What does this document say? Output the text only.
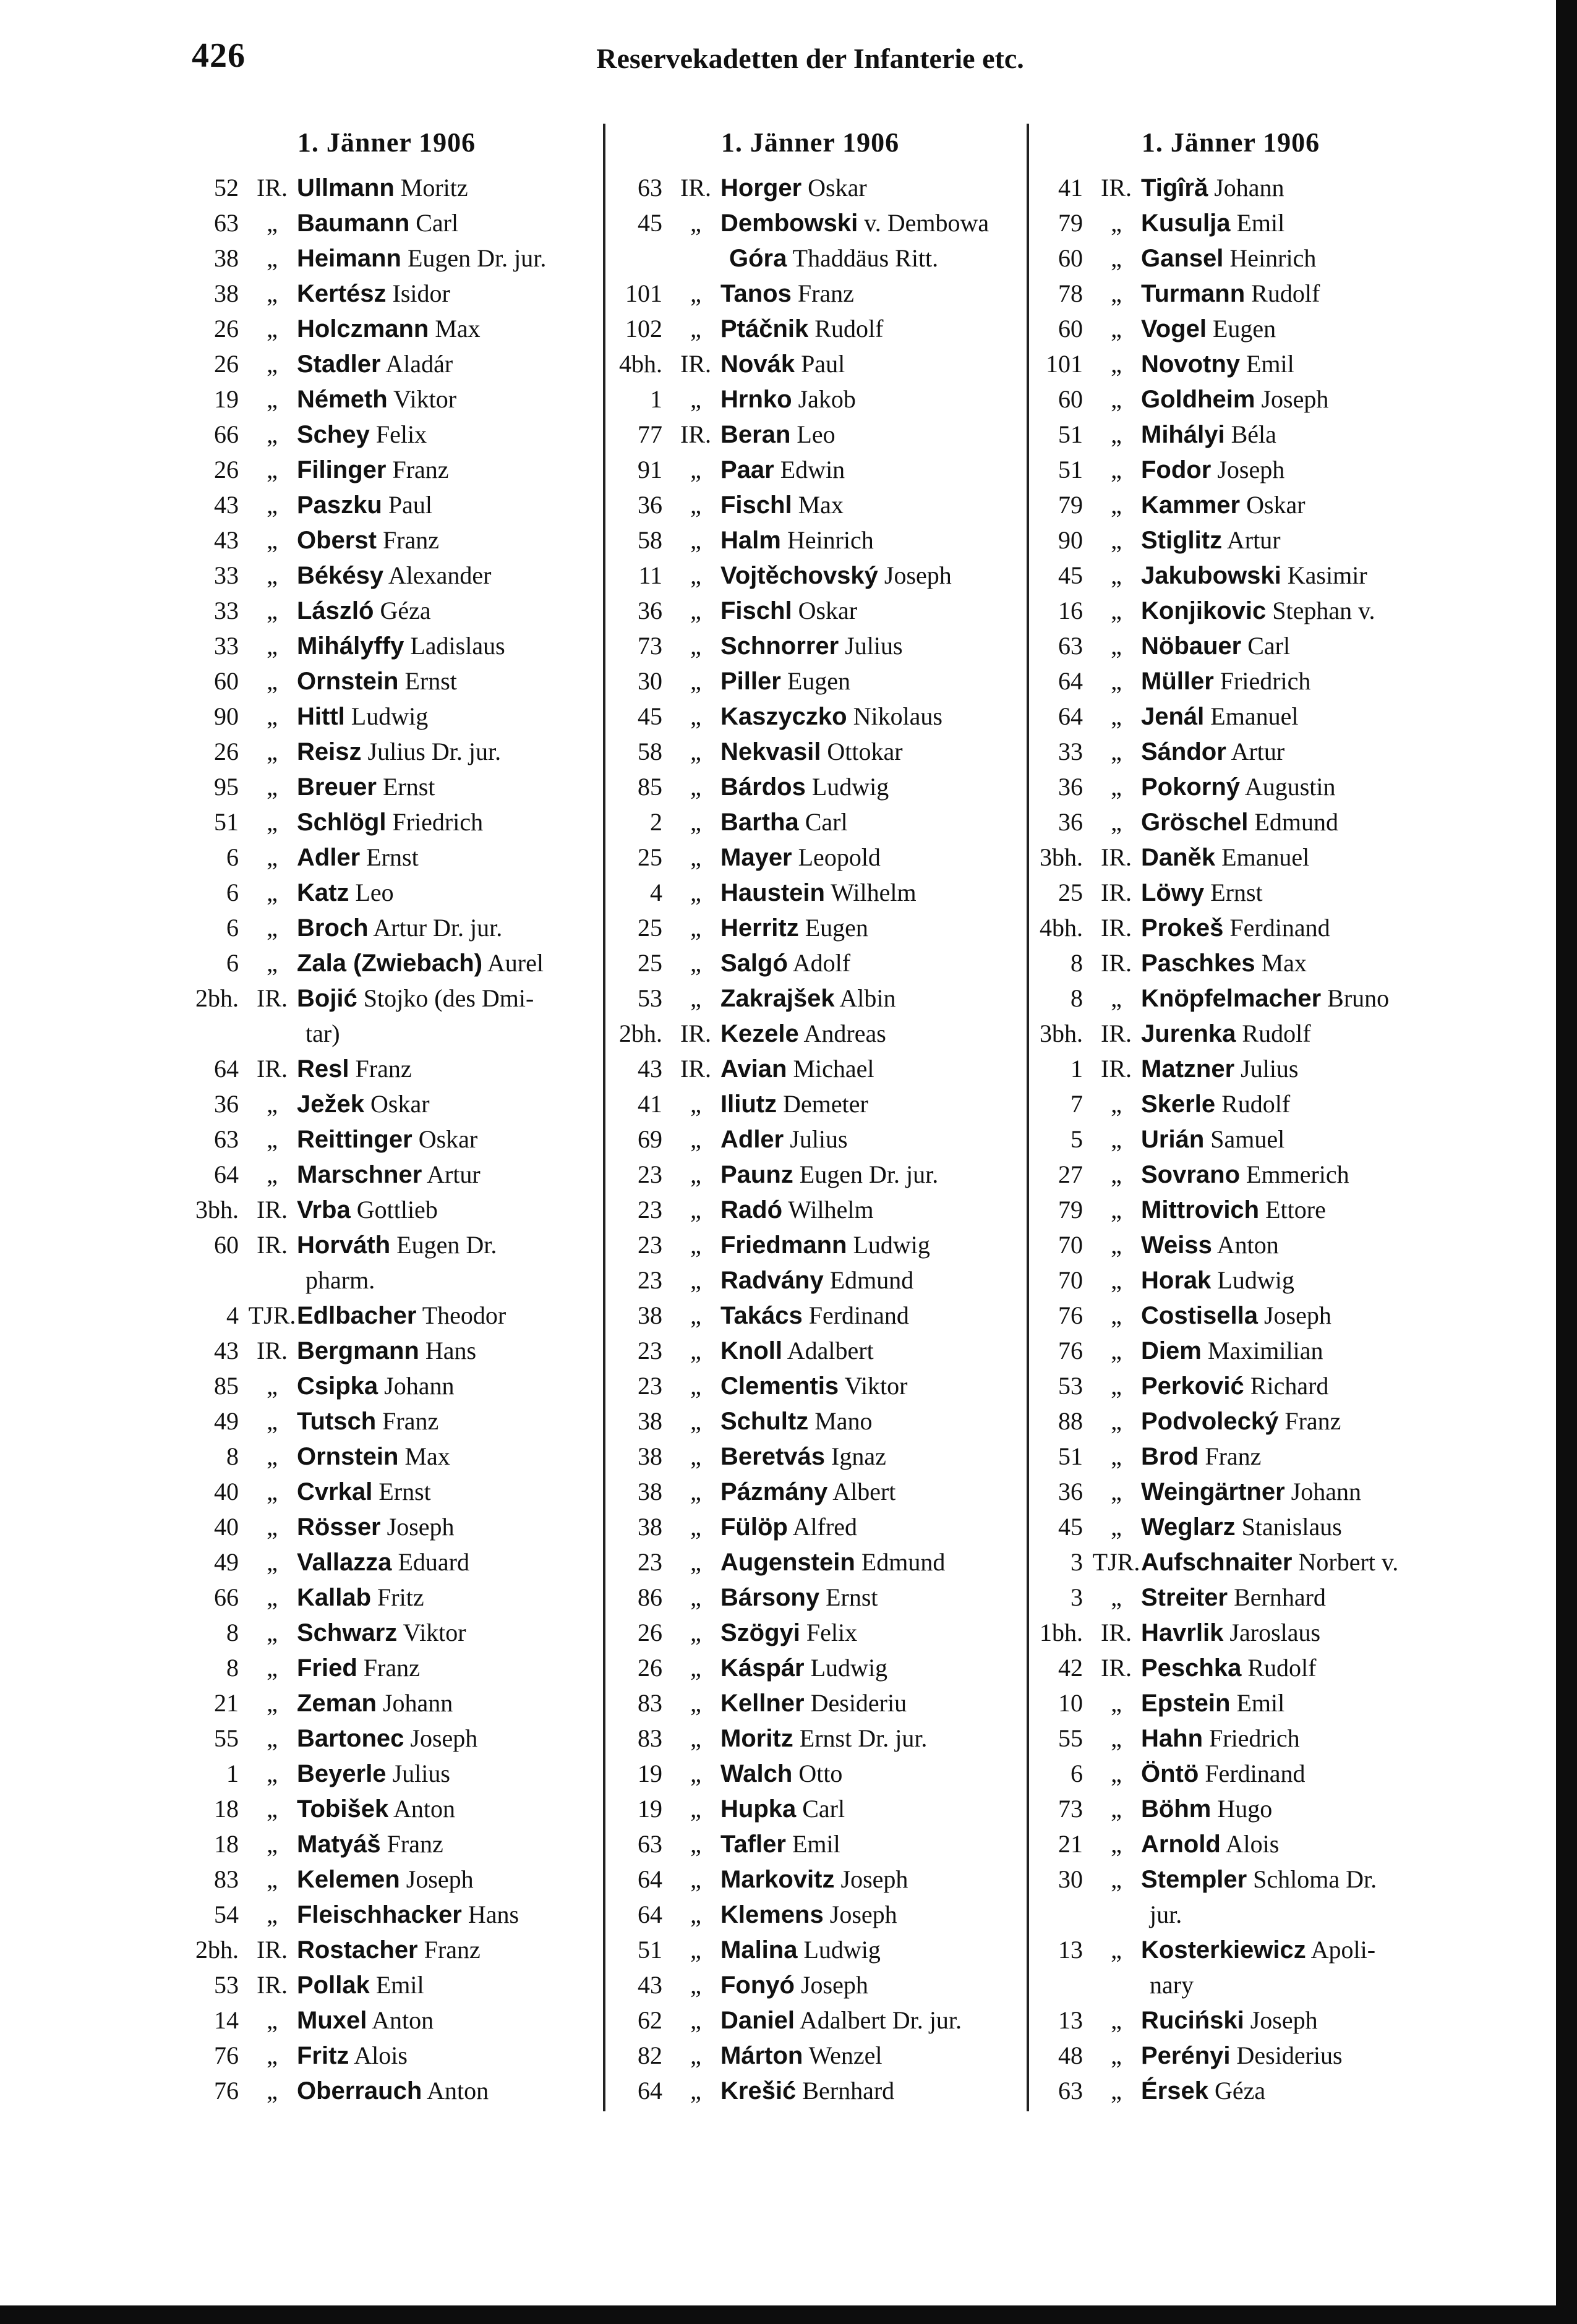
426	Reservekadetten der Infanterie etc.
1. Jänner 1906
52 IR. Ullmann Moritz
63	„ Baumann Carl
38	„ Heimann Eugen Dr. jur.
38	„ Kertész Isidor
26	„ Holczmann Max
26	„ Stadler Aladár
19	„ Németh Viktor
66	„ Schey Felix
26	„ Filinger Franz
43	„ Paszku Paul
43	„ Oberst Franz
33	„ Békésy Alexander
33	„ László Géza
33	„ Mihályffy Ladislaus
60	„ Ornstein Ernst
90	„ Hittl Ludwig
26	„ Reisz Julius Dr. jur.
95	„ Breuer Ernst
51	„ Schlögl Friedrich
6	„ Adler Ernst
6	„ Katz Leo
6	„ Broch Artur Dr. jur.
6	„ Zala (Zwiebach) Aurel
2bh. IR. Bojić Stojko (des Dmi-
tar)
64 IR. Resl Franz
36	„ Ježek Oskar
63	„ Reittinger Oskar
64	„ Marschner Artur
3bh. IR. Vrba Gottlieb
60 IR. Horváth Eugen Dr.
pharm.
4 TJR. Edlbacher Theodor
43 IR. Bergmann Hans
85	„ Csipka Johann
49	„ Tutsch Franz
8	„ Ornstein Max
40	„ Cvrkal Ernst
40	„ Rösser Joseph
49	„ Vallazza Eduard
66	„ Kallab Fritz
8	„ Schwarz Viktor
8	„ Fried Franz
21	„ Zeman Johann
55	„ Bartonec Joseph
1	„ Beyerle Julius
18	„ Tobišek Anton
18	„ Matyáš Franz
83	„ Kelemen Joseph
54	„ Fleischhacker Hans
2bh. IR. Rostacher Franz
53 IR. Pollak Emil
14	„ Muxel Anton
76	„ Fritz Alois
76	„ Oberrauch Anton
1. Jänner 1906
63 IR. Horger Oskar
45	„ Dembowski v. Dembowa
Góra Thaddäus Ritt.
101	„ Tanos Franz
102	„ Ptáčnik Rudolf
4bh. IR. Novák Paul
1	„ Hrnko Jakob
77 IR. Beran Leo
91	„ Paar Edwin
36	„ Fischl Max
58	„ Halm Heinrich
11	„ Vojtěchovský Joseph
36	„ Fischl Oskar
73	„ Schnorrer Julius
30	„ Piller Eugen
45	„ Kaszyczko Nikolaus
58	„ Nekvasil Ottokar
85	„ Bárdos Ludwig
2	„ Bartha Carl
25	„ Mayer Leopold
4	„ Haustein Wilhelm
25	„ Herritz Eugen
25	„ Salgó Adolf
53	„ Zakrajšek Albin
2bh. IR. Kezele Andreas
43 IR. Avian Michael
41	„ Iliutz Demeter
69	„ Adler Julius
23	„ Paunz Eugen Dr. jur.
23	„ Radó Wilhelm
23	„ Friedmann Ludwig
23	„ Radvány Edmund
38	„ Takács Ferdinand
23	„ Knoll Adalbert
23	„ Clementis Viktor
38	„ Schultz Mano
38	„ Beretvás Ignaz
38	„ Pázmány Albert
38	„ Fülöp Alfred
23	„ Augenstein Edmund
86	„ Bársony Ernst
26	„ Szögyi Felix
26	„ Káspár Ludwig
83	„ Kellner Desideriu
83	„ Moritz Ernst Dr. jur.
19	„ Walch Otto
19	„ Hupka Carl
63	„ Tafler Emil
64	„ Markovitz Joseph
64	„ Klemens Joseph
51	„ Malina Ludwig
43	„ Fonyó Joseph
62	„ Daniel Adalbert Dr. jur.
82	„ Márton Wenzel
64	„ Krešić Bernhard
1. Jänner 1906
41 IR. Tigîră Johann
79	„ Kusulja Emil
60	„ Gansel Heinrich
78	„ Turmann Rudolf
60	„ Vogel Eugen
101	„ Novotny Emil
60	„ Goldheim Joseph
51	„ Mihályi Béla
51	„ Fodor Joseph
79	„ Kammer Oskar
90	„ Stiglitz Artur
45	„ Jakubowski Kasimir
16	„ Konjikovic Stephan v.
63	„ Nöbauer Carl
64	„ Müller Friedrich
64	„ Jenál Emanuel
33	„ Sándor Artur
36	„ Pokorný Augustin
36	„ Gröschel Edmund
3bh. IR. Daněk Emanuel
25 IR. Löwy Ernst
4bh. IR. Prokeš Ferdinand
8 IR. Paschkes Max
8	„ Knöpfelmacher Bruno
3bh. IR. Jurenka Rudolf
1 IR. Matzner Julius
7	„ Skerle Rudolf
5	„ Urián Samuel
27	„ Sovrano Emmerich
79	„ Mittrovich Ettore
70	„ Weiss Anton
70	„ Horak Ludwig
76	„ Costisella Joseph
76	„ Diem Maximilian
53	„ Perković Richard
88	„ Podvolecký Franz
51	„ Brod Franz
36	„ Weingärtner Johann
45	„ Weglarz Stanislaus
3 TJR. Aufschnaiter Norbert v.
3	„ Streiter Bernhard
1bh. IR. Havrlik Jaroslaus
42 IR. Peschka Rudolf
10	„ Epstein Emil
55	„ Hahn Friedrich
6	„ Öntö Ferdinand
73	„ Böhm Hugo
21	„ Arnold Alois
30	„ Stempler Schloma Dr.
jur.
13	„ Kosterkiewicz Apoli-
nary
13	„ Ruciński Joseph
48	„ Perényi Desiderius
63	„ Érsek Géza
